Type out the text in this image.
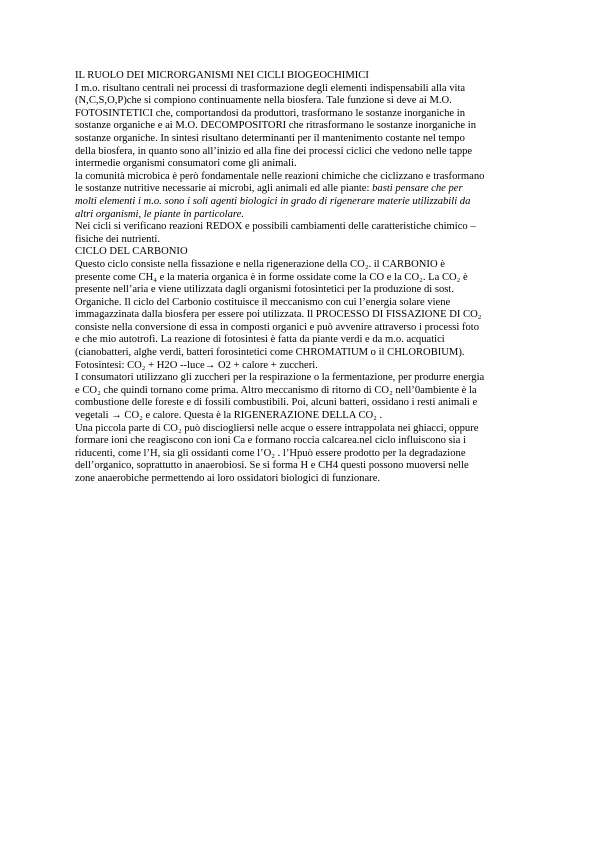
IL RUOLO DEI MICRORGANISMI NEI CICLI BIOGEOCHIMICI

I m.o. risultano centrali nei processi di trasformazione degli elementi indispensabili alla vita
(N,C,S,O,P)che si compiono continuamente nella biosfera. Tale funzione si deve ai M.O.
FOTOSINTETICI che, comportandosi da produttori, trasformano le sostanze inorganiche in
sostanze organiche e ai M.O. DECOMPOSITORI che ritrasformano le sostanze inorganiche in
sostanze organiche. In sintesi risultano determinanti per il mantenimento costante nel tempo
della biosfera, in quanto sono all’inizio ed alla fine dei processi ciclici che vedono nelle tappe
intermedie organismi consumatori come gli animali.

la comunità microbica è però fondamentale nelle reazioni chimiche che ciclizzano e trasformano
le sostanze nutritive necessarie ai microbi, agli animali ed alle piante: basti pensare che per
molti elementi i m.o. sono i soli agenti biologici in grado di rigenerare materie utilizzabili da
altri organismi, le piante in particolare.

Nei cicli si verificano reazioni REDOX e possibili cambiamenti delle caratteristiche chimico –
fisiche dei nutrienti.

CICLO DEL CARBONIO

Questo ciclo consiste nella fissazione e nella rigenerazione della CO₂. il CARBONIO è
presente come CH₄ e la materia organica è in forme ossidate come la CO e la CO₂. La CO₂ è
presente nell’aria e viene utilizzata dagli organismi fotosintetici per la produzione di sost.
Organiche. Il ciclo del Carbonio costituisce il meccanismo con cui l’energia solare viene
immagazzinata dalla biosfera per essere poi utilizzata. Il PROCESSO DI FISSAZIONE DI CO₂
consiste nella conversione di essa in composti organici e può avvenire attraverso i processi foto
e che mio autotrofi. La reazione di fotosintesi è fatta da piante verdi e da m.o. acquatici
(cianobatteri, alghe verdi, batteri forosintetici come CHROMATIUM o il CHLOROBIUM).
Fotosintesi: CO₂ + H2O --luce→ O2 + calore + zuccheri.
I consumatori utilizzano gli zuccheri per la respirazione o la fermentazione, per produrre energia
e CO₂ che quindi tornano come prima. Altro meccanismo di ritorno di CO₂ nell’0ambiente è la
combustione delle foreste e di fossili combustibili. Poi, alcuni batteri, ossidano i resti animali e
vegetali → CO₂ e calore. Questa è la RIGENERAZIONE DELLA CO₂ .
Una piccola parte di CO₂ può disciogliersi nelle acque o essere intrappolata nei ghiacci, oppure
formare ioni che reagiscono con ioni Ca e formano roccia calcarea.nel ciclo influiscono sia i
riducenti, come l’H, sia gli ossidanti come l’O₂ . l’Hpuò essere prodotto per la degradazione
dell’organico, soprattutto in anaerobiosi. Se si forma H e CH4 questi possono muoversi nelle
zone anaerobiche permettendo ai loro ossidatori biologici di funzionare.
